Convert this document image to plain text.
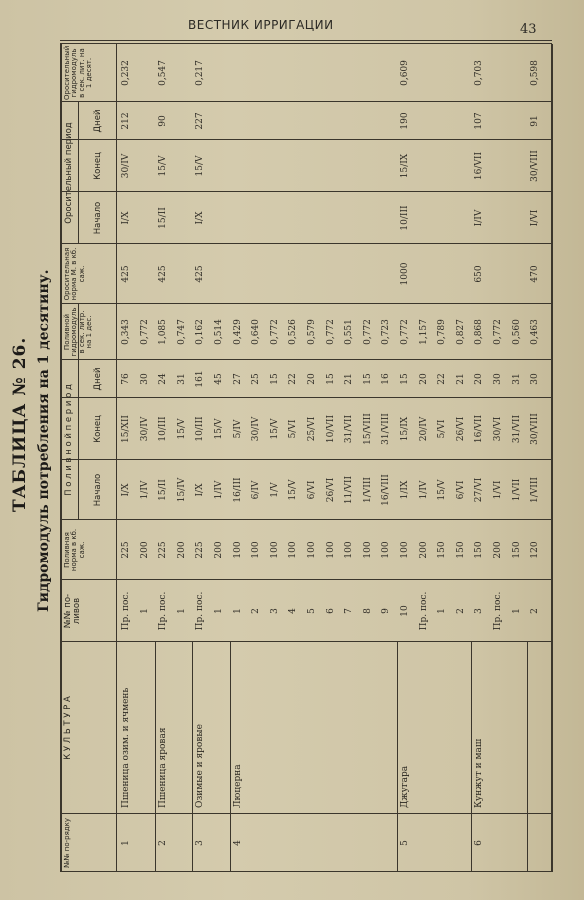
ВЕСТНИК ИРРИГАЦИИ	43
ТАБЛИЦА № 26. Гидромодуль потребления на 1 десятину.
№№ по-рядку
К У Л Ь Т У Р А
№№ по-ливов
Поливная норма в кб. саж.
Начало
Конец
Дней
Поливной гидромодуль в сек. литр. на 1 дес.
Оросительная норма М. в кб. саж.
Начало
Конец
Дней
Оросительный гидромодуль в сек. лит. на 1 десят.
П о л и в н о й п е р и о д
Оросительный период
Пр. пос.
225
I/X
15/XII
76
0,343
1
200
1/IV
30/IV
30
0,772
Пр. пос.
225
15/II
10/III
24
1,085
1
200
15/IV
15/V
31
0,747
Пр. пос.
225
I/X
10/III
161
0,162
1
200
1/IV
15/V
45
0,514
1
100
16/III
5/IV
27
0,429
2
100
6/IV
30/IV
25
0,640
3
100
1/V
15/V
15
0,772
4
100
15/V
5/VI
22
0,526
5
100
6/VI
25/VI
20
0,579
6
100
26/VI
10/VII
15
0,772
7
100
11/VII
31/VII
21
0,551
8
100
1/VIII
15/VIII
15
0,772
9
100
16/VIII
31/VIII
16
0,723
10
100
1/IX
15/IX
15
0,772
Пр. пос.
200
1/IV
20/IV
20
1,157
1
150
15/V
5/VI
22
0,789
2
150
6/VI
26/VI
21
0,827
3
150
27/VI
16/VII
20
0,868
Пр. пос.
200
1/VI
30/VI
30
0,772
1
150
1/VII
31/VII
31
0,560
2
120
1/VIII
30/VIII
30
0,463
1
Пшеница озим. и ячмень
425
I/X
30/IV
212
0,232
2
Пшеница яровая
425
15/II
15/V
90
0,547
3
Озимые и яровые
425
I/X
15/V
227
0,217
4
Люцерна
5
Джугара
1000
10/III
15/IX
190
0,609
6
Кунжут и маш
650
I/IV
16/VII
107
0,703
470
I/VI
30/VIII
91
0,598
